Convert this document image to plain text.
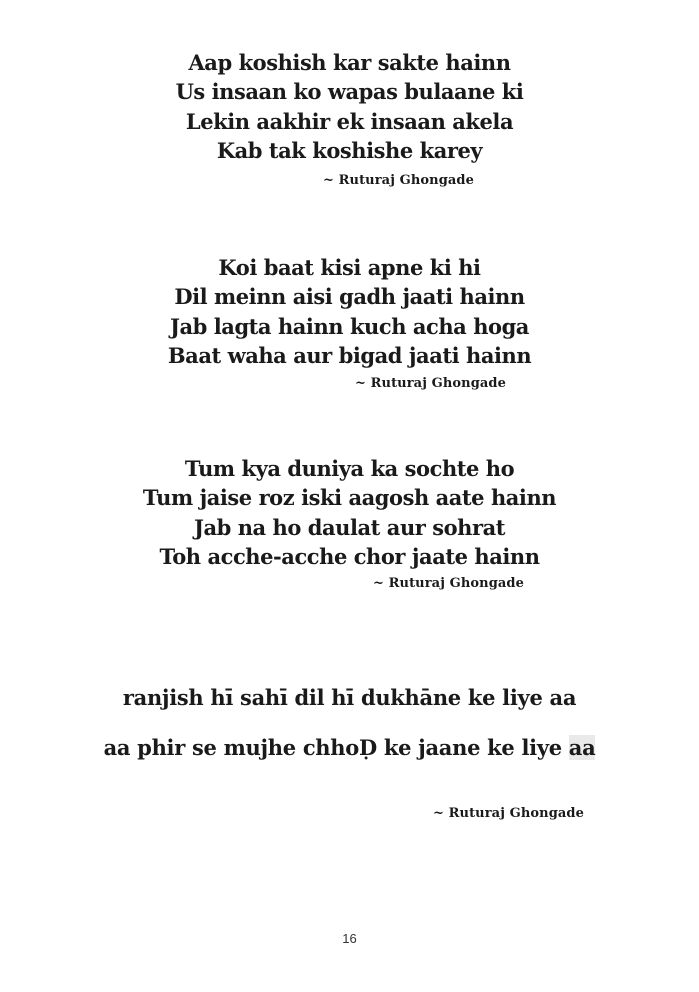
Aap koshish kar sakte hainn
Us insaan ko wapas bulaane ki
Lekin aakhir ek insaan akela
Kab tak koshishe karey
~ Ruturaj Ghongade
Koi baat kisi apne ki hi
Dil meinn aisi gadh jaati hainn
Jab lagta hainn kuch acha hoga
Baat waha aur bigad jaati hainn
~ Ruturaj Ghongade
Tum kya duniya ka sochte ho
Tum jaise roz iski aagosh aate hainn
Jab na ho daulat aur sohrat
Toh acche-acche chor jaate hainn
~ Ruturaj Ghongade
ranjish hī sahī dil hī dukhāne ke liye aa
aa phir se mujhe chhoḌ ke jaane ke liye aa
~ Ruturaj Ghongade
16
